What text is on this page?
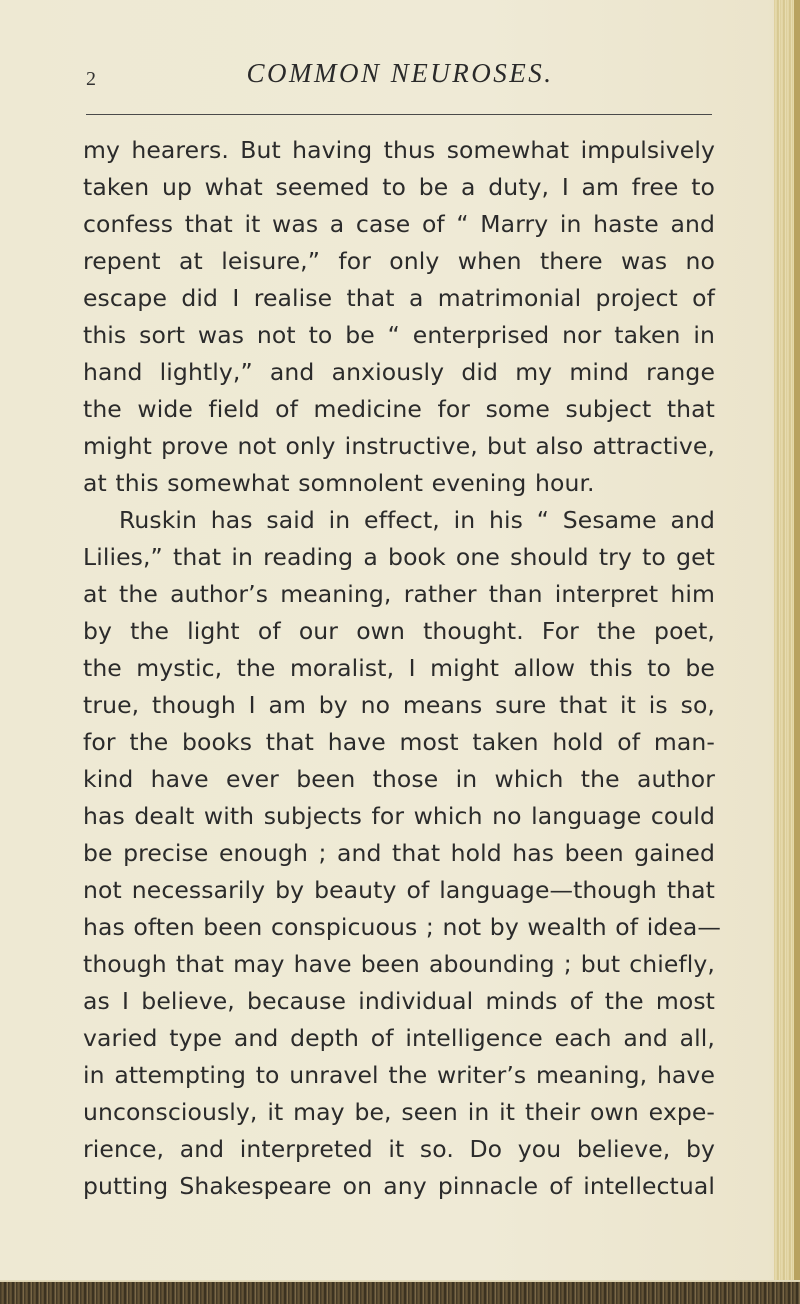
2	COMMON NEUROSES.
my hearers. But having thus somewhat impulsively
taken up what seemed to be a duty, I am free to
confess that it was a case of “ Marry in haste and
repent at leisure,” for only when there was no
escape did I realise that a matrimonial project of
this sort was not to be “ enterprised nor taken in
hand lightly,” and anxiously did my mind range
the wide field of medicine for some subject that
might prove not only instructive, but also attractive,
at this somewhat somnolent evening hour.
Ruskin has said in effect, in his “ Sesame and
Lilies,” that in reading a book one should try to get
at the author’s meaning, rather than interpret him
by the light of our own thought. For the poet,
the mystic, the moralist, I might allow this to be
true, though I am by no means sure that it is so,
for the books that have most taken hold of man-
kind have ever been those in which the author
has dealt with subjects for which no language could
be precise enough ; and that hold has been gained
not necessarily by beauty of language—though that
has often been conspicuous ; not by wealth of idea—
though that may have been abounding ; but chiefly,
as I believe, because individual minds of the most
varied type and depth of intelligence each and all,
in attempting to unravel the writer’s meaning, have
unconsciously, it may be, seen in it their own expe-
rience, and interpreted it so. Do you believe, by
putting Shakespeare on any pinnacle of intellectual
